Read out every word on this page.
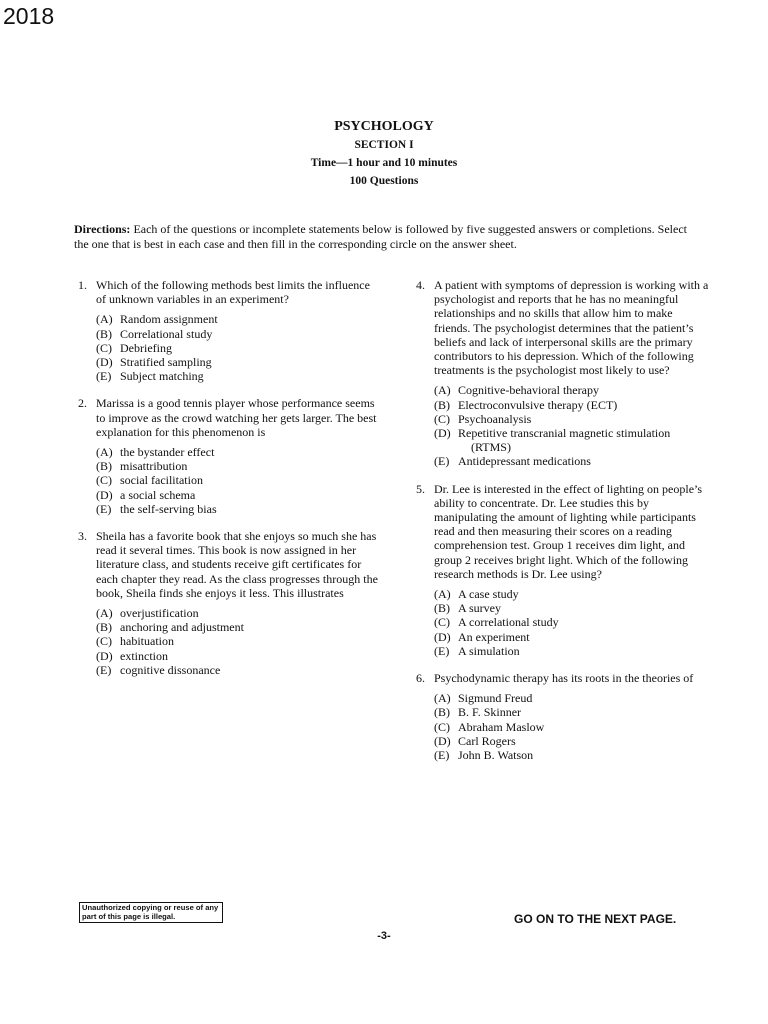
2018
PSYCHOLOGY
SECTION I
Time—1 hour and 10 minutes
100 Questions
Directions: Each of the questions or incomplete statements below is followed by five suggested answers or completions. Select the one that is best in each case and then fill in the corresponding circle on the answer sheet.
1. Which of the following methods best limits the influence of unknown variables in an experiment?
(A) Random assignment
(B) Correlational study
(C) Debriefing
(D) Stratified sampling
(E) Subject matching
2. Marissa is a good tennis player whose performance seems to improve as the crowd watching her gets larger. The best explanation for this phenomenon is
(A) the bystander effect
(B) misattribution
(C) social facilitation
(D) a social schema
(E) the self-serving bias
3. Sheila has a favorite book that she enjoys so much she has read it several times. This book is now assigned in her literature class, and students receive gift certificates for each chapter they read. As the class progresses through the book, Sheila finds she enjoys it less. This illustrates
(A) overjustification
(B) anchoring and adjustment
(C) habituation
(D) extinction
(E) cognitive dissonance
4. A patient with symptoms of depression is working with a psychologist and reports that he has no meaningful relationships and no skills that allow him to make friends. The psychologist determines that the patient’s beliefs and lack of interpersonal skills are the primary contributors to his depression. Which of the following treatments is the psychologist most likely to use?
(A) Cognitive-behavioral therapy
(B) Electroconvulsive therapy (ECT)
(C) Psychoanalysis
(D) Repetitive transcranial magnetic stimulation (RTMS)
(E) Antidepressant medications
5. Dr. Lee is interested in the effect of lighting on people’s ability to concentrate. Dr. Lee studies this by manipulating the amount of lighting while participants read and then measuring their scores on a reading comprehension test. Group 1 receives dim light, and group 2 receives bright light. Which of the following research methods is Dr. Lee using?
(A) A case study
(B) A survey
(C) A correlational study
(D) An experiment
(E) A simulation
6. Psychodynamic therapy has its roots in the theories of
(A) Sigmund Freud
(B) B. F. Skinner
(C) Abraham Maslow
(D) Carl Rogers
(E) John B. Watson
Unauthorized copying or reuse of any part of this page is illegal.	GO ON TO THE NEXT PAGE.
-3-
